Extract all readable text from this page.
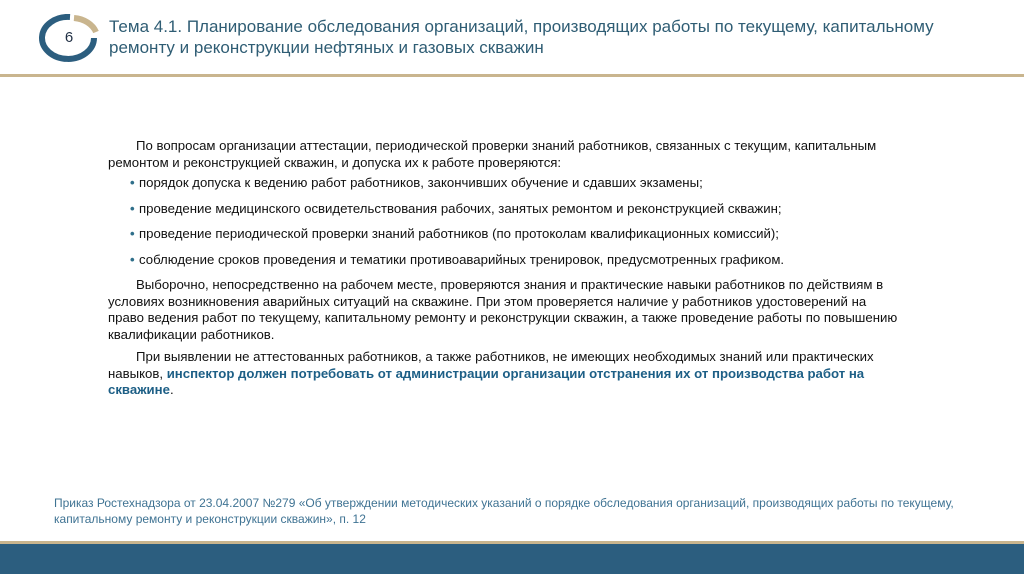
6
Тема 4.1. Планирование обследования организаций, производящих работы по текущему, капитальному ремонту и реконструкции нефтяных и газовых скважин

По вопросам организации аттестации, периодической проверки знаний работников, связанных с текущим, капитальным ремонтом и реконструкцией скважин, и допуска их к работе проверяются:

• порядок допуска к ведению работ работников, закончивших обучение и сдавших экзамены;
• проведение медицинского освидетельствования рабочих, занятых ремонтом и реконструкцией скважин;
• проведение периодической проверки знаний работников (по протоколам квалификационных комиссий);
• соблюдение сроков проведения и тематики противоаварийных тренировок, предусмотренных графиком.

Выборочно, непосредственно на рабочем месте, проверяются знания и практические навыки работников по действиям в условиях возникновения аварийных ситуаций на скважине. При этом проверяется наличие у работников удостоверений на право ведения работ по текущему, капитальному ремонту и реконструкции скважин, а также проведение работы по повышению квалификации работников.

При выявлении не аттестованных работников, а также работников, не имеющих необходимых знаний или практических навыков, инспектор должен потребовать от администрации организации отстранения их от производства работ на скважине.

Приказ Ростехнадзора от 23.04.2007 №279 «Об утверждении методических указаний о порядке обследования организаций, производящих работы по текущему, капитальному ремонту и реконструкции скважин», п. 12
